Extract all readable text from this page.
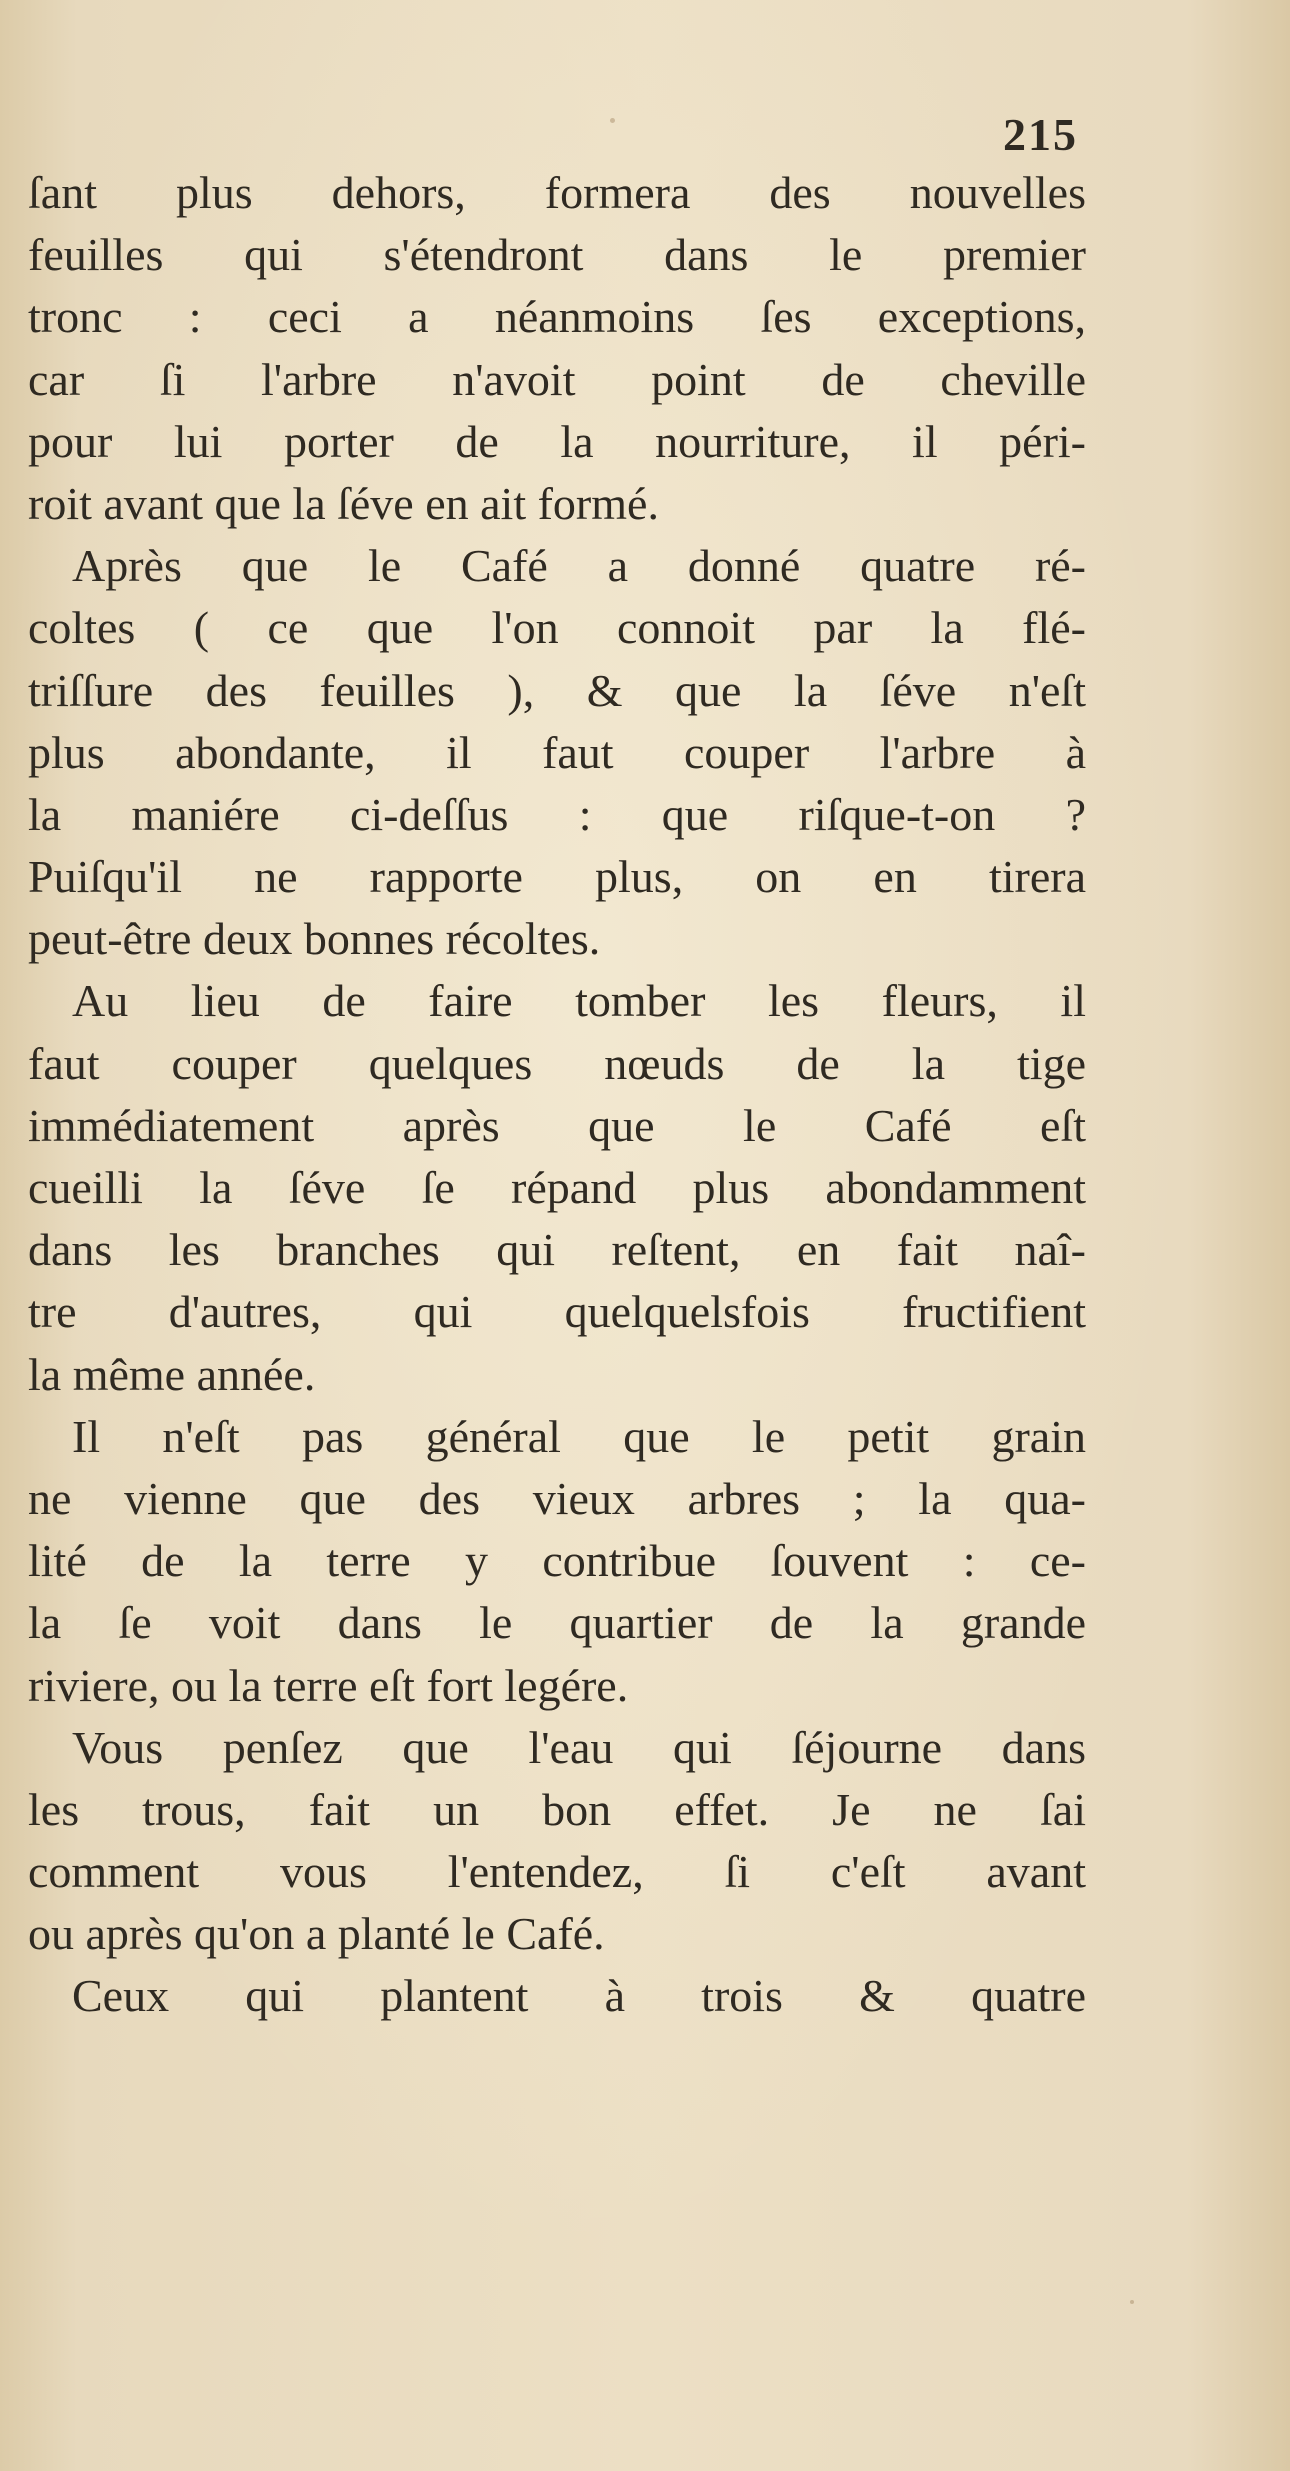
215
ſant plus dehors, formera des nouvelles
feuilles qui s'étendront dans le premier
tronc : ceci a néanmoins ſes exceptions,
car ſi l'arbre n'avoit point de cheville
pour lui porter de la nourriture, il péri-
roit avant que la ſéve en ait formé.
Après que le Café a donné quatre ré-
coltes ( ce que l'on connoit par la flé-
triſſure des feuilles ), & que la ſéve n'eſt
plus abondante, il faut couper l'arbre à
la maniére ci-deſſus : que riſque-t-on ?
Puiſqu'il ne rapporte plus, on en tirera
peut-être deux bonnes récoltes.
Au lieu de faire tomber les fleurs, il
faut couper quelques nœuds de la tige
immédiatement après que le Café eſt
cueilli la ſéve ſe répand plus abondamment
dans les branches qui reſtent, en fait naî-
tre d'autres, qui quelquelsfois fructifient
la même année.
Il n'eſt pas général que le petit grain
ne vienne que des vieux arbres ; la qua-
lité de la terre y contribue ſouvent : ce-
la ſe voit dans le quartier de la grande
riviere, ou la terre eſt fort legére.
Vous penſez que l'eau qui ſéjourne dans
les trous, fait un bon effet. Je ne ſai
comment vous l'entendez, ſi c'eſt avant
ou après qu'on a planté le Café.
Ceux qui plantent à trois & quatre
